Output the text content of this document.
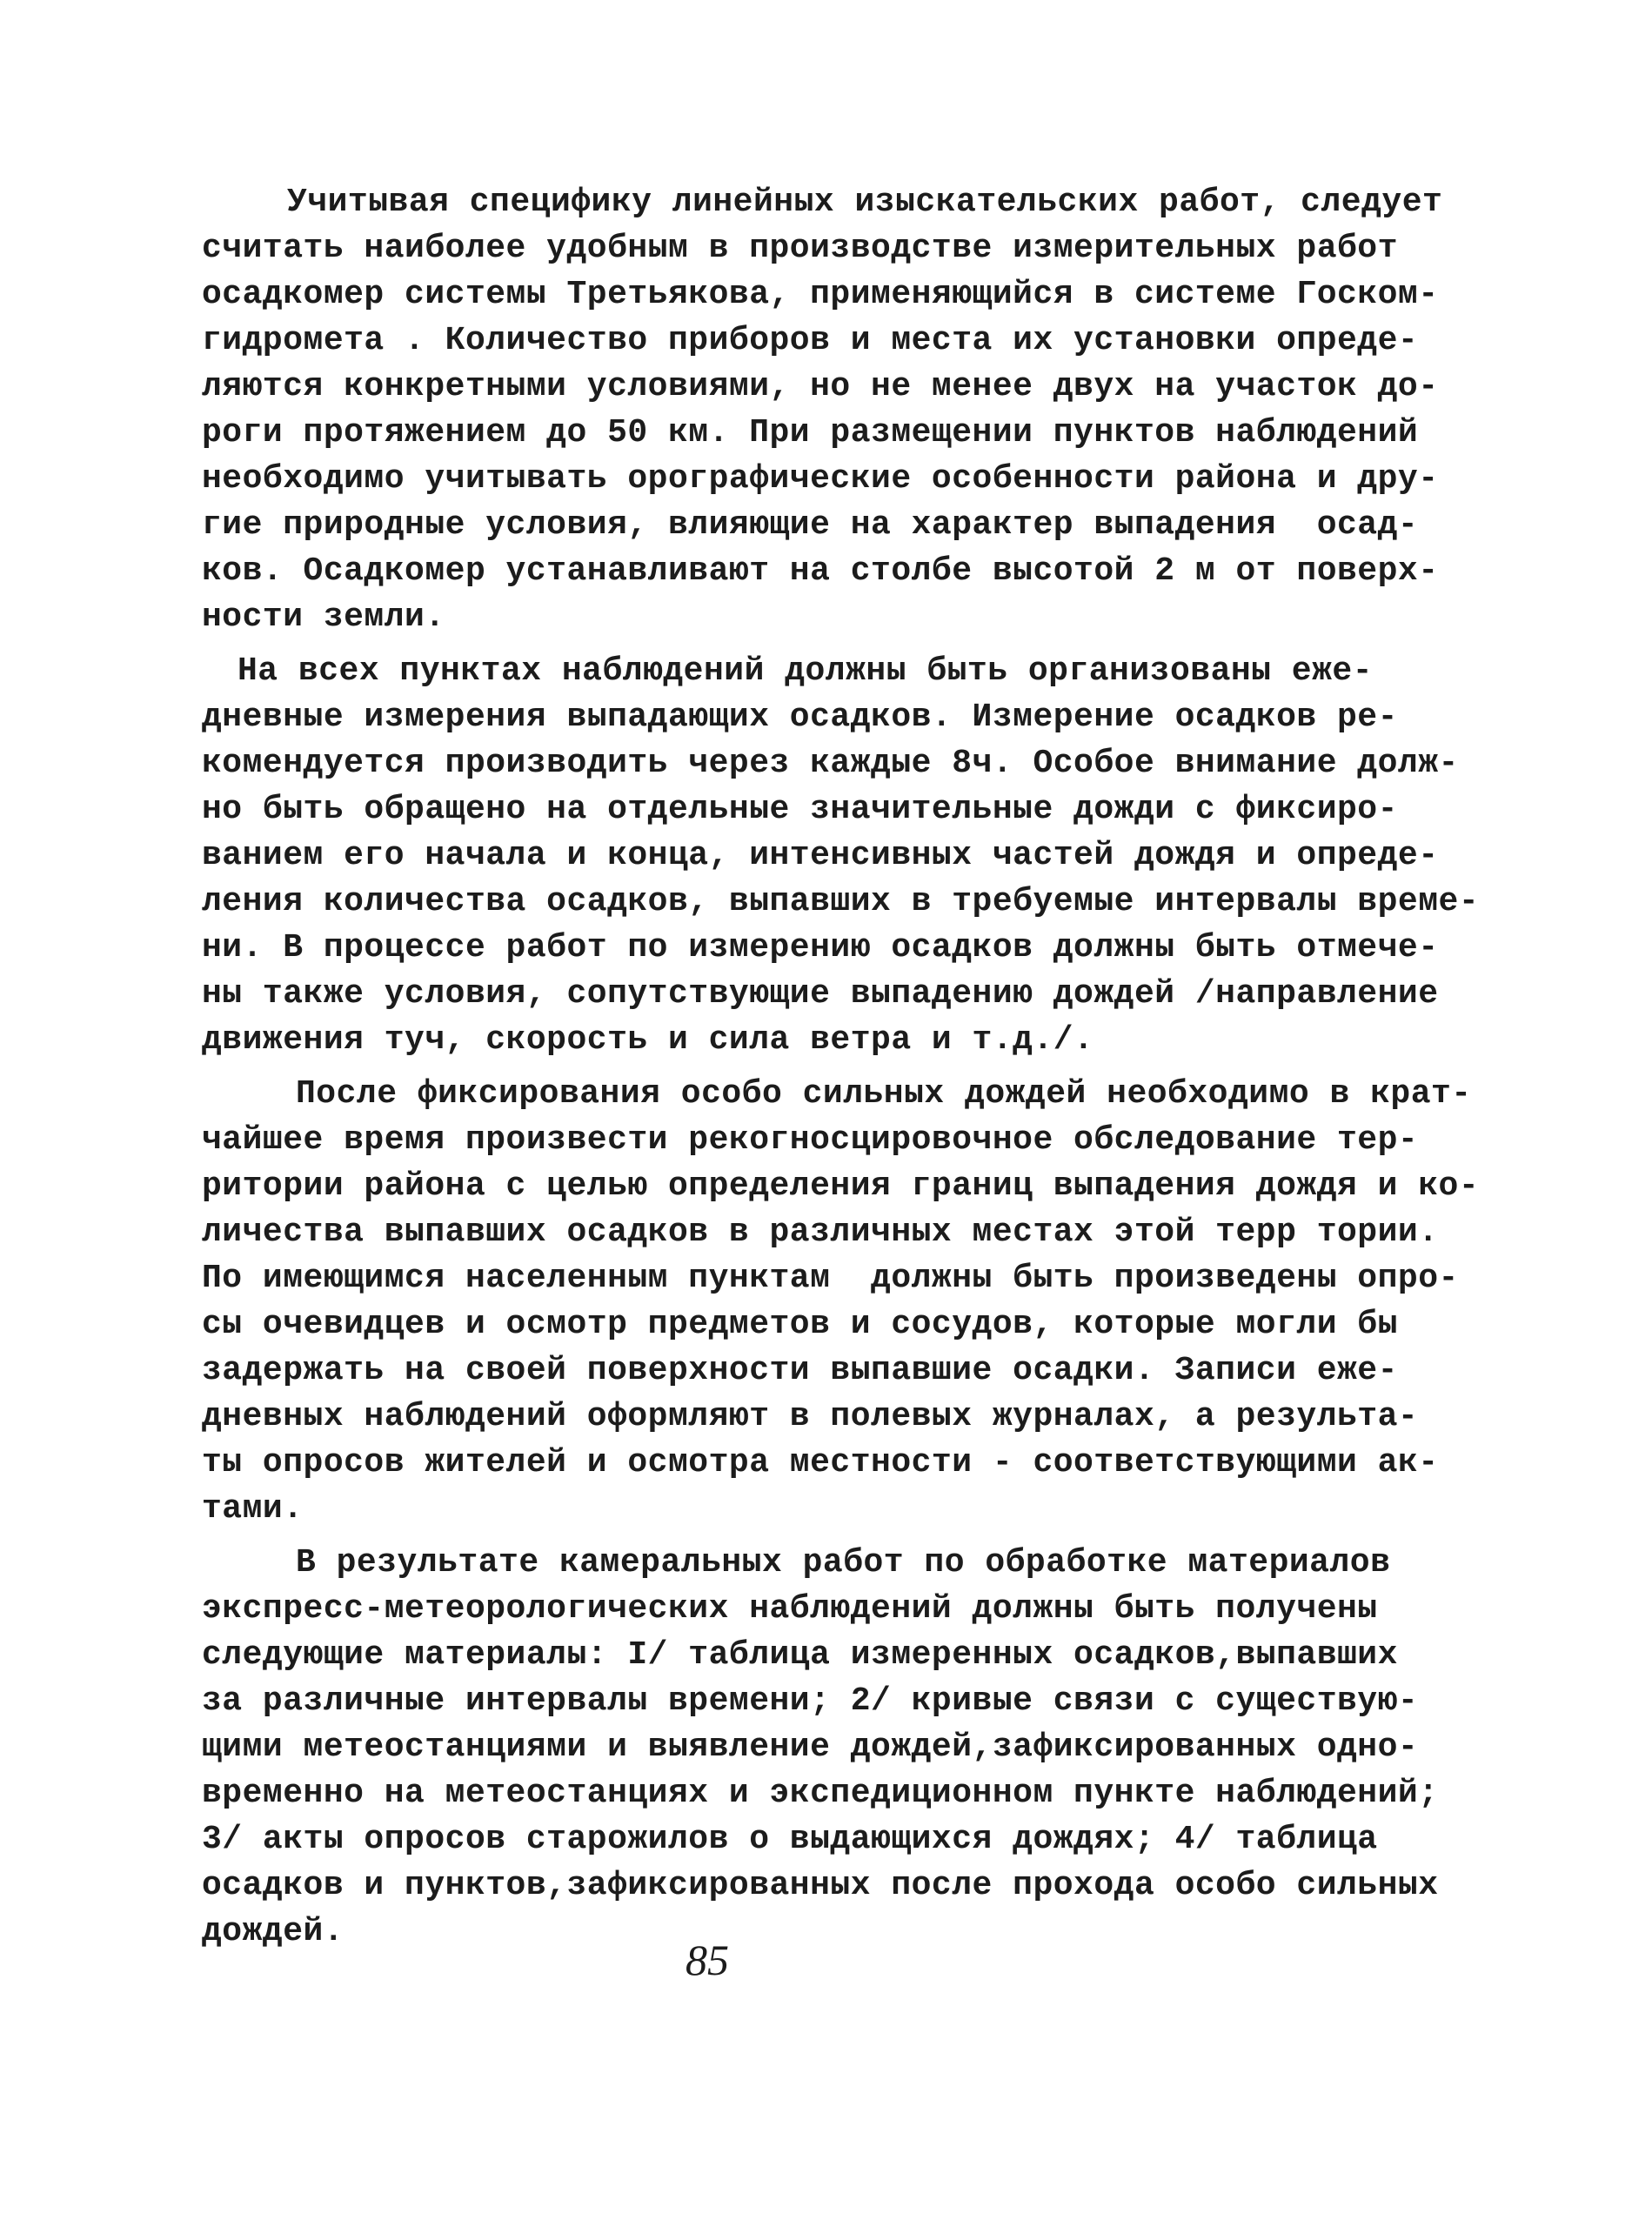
Учитывая специфику линейных изыскательских работ, следует
считать наиболее удобным в производстве измерительных работ
осадкомер системы Третьякова, применяющийся в системе Госком-
гидромета . Количество приборов и места их установки опреде-
ляются конкретными условиями, но не менее двух на участок до-
роги протяжением до 50 км. При размещении пунктов наблюдений
необходимо учитывать орографические особенности района и дру-
гие природные условия, влияющие на характер выпадения  осад-
ков. Осадкомер устанавливают на столбе высотой 2 м от поверх-
ности земли.
На всех пунктах наблюдений должны быть организованы еже-
дневные измерения выпадающих осадков. Измерение осадков ре-
комендуется производить через каждые 8ч. Особое внимание долж-
но быть обращено на отдельные значительные дожди с фиксиро-
ванием его начала и конца, интенсивных частей дождя и опреде-
ления количества осадков, выпавших в требуемые интервалы време-
ни. В процессе работ по измерению осадков должны быть отмече-
ны также условия, сопутствующие выпадению дождей /направление
движения туч, скорость и сила ветра и т.д./.
После фиксирования особо сильных дождей необходимо в крат-
чайшее время произвести рекогносцировочное обследование тер-
ритории района с целью определения границ выпадения дождя и ко-
личества выпавших осадков в различных местах этой терр тории.
По имеющимся населенным пунктам  должны быть произведены опро-
сы очевидцев и осмотр предметов и сосудов, которые могли бы
задержать на своей поверхности выпавшие осадки. Записи еже-
дневных наблюдений оформляют в полевых журналах, а результа-
ты опросов жителей и осмотра местности - соответствующими ак-
тами.
В результате камеральных работ по обработке материалов
экспресс-метеорологических наблюдений должны быть получены
следующие материалы: I/ таблица измеренных осадков,выпавших
за различные интервалы времени; 2/ кривые связи с существую-
щими метеостанциями и выявление дождей,зафиксированных одно-
временно на метеостанциях и экспедиционном пункте наблюдений;
3/ акты опросов старожилов о выдающихся дождях; 4/ таблица
осадков и пунктов,зафиксированных после прохода особо сильных
дождей.
85
